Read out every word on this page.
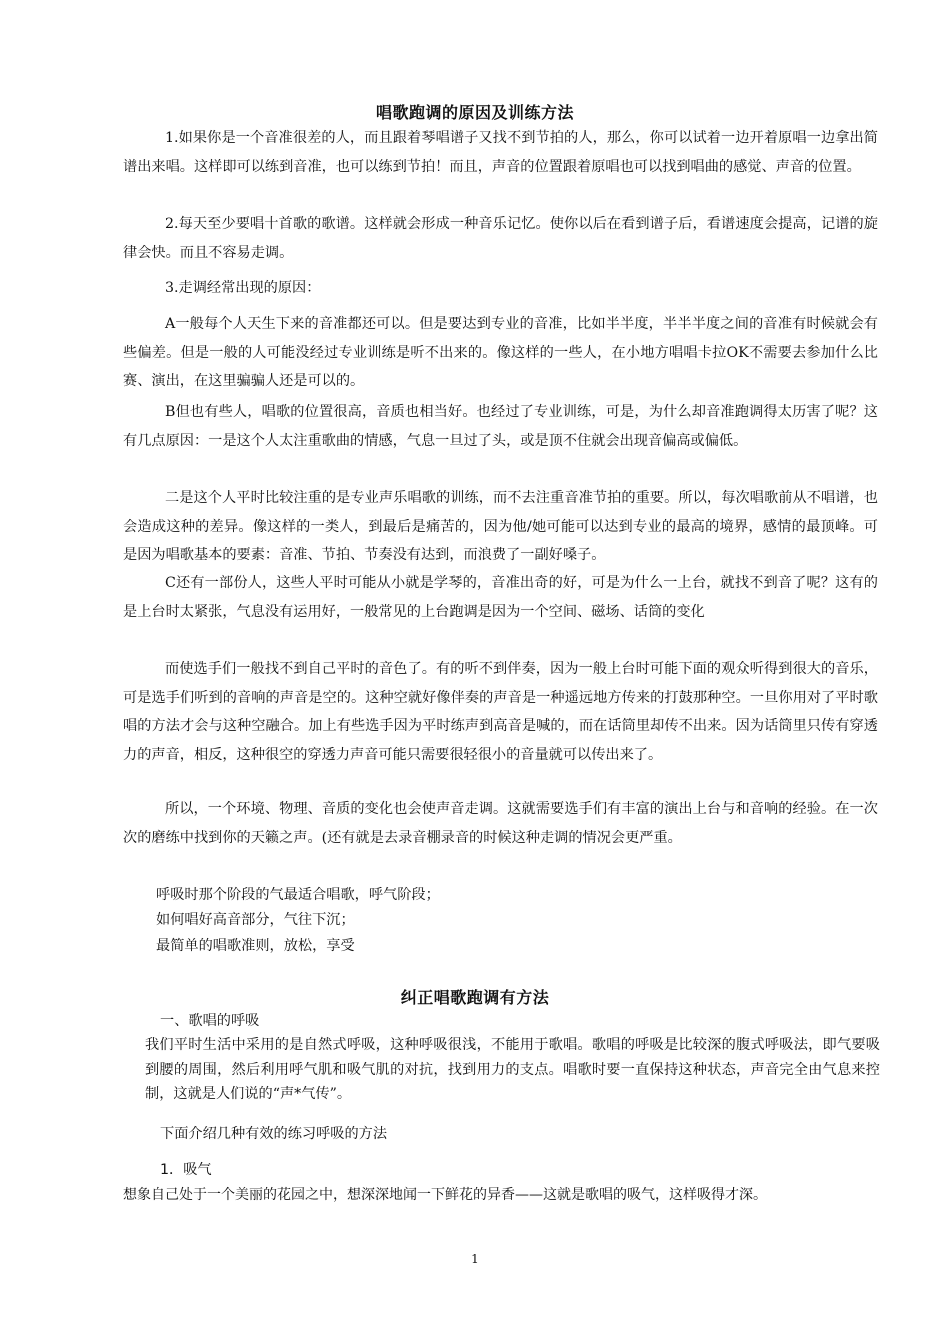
唱歌跑调的原因及训练方法
1.如果你是一个音准很差的人，而且跟着琴唱谱子又找不到节拍的人，那么，你可以试着一边开着原唱一边拿出简谱出来唱。这样即可以练到音准，也可以练到节拍！而且，声音的位置跟着原唱也可以找到唱曲的感觉、声音的位置。
2.每天至少要唱十首歌的歌谱。这样就会形成一种音乐记忆。使你以后在看到谱子后，看谱速度会提高，记谱的旋律会快。而且不容易走调。
3.走调经常出现的原因：
A一般每个人天生下来的音准都还可以。但是要达到专业的音准，比如半半度，半半半度之间的音准有时候就会有些偏差。但是一般的人可能没经过专业训练是听不出来的。像这样的一些人，在小地方唱唱卡拉OK不需要去参加什么比赛、演出，在这里骗骗人还是可以的。
B但也有些人，唱歌的位置很高，音质也相当好。也经过了专业训练，可是，为什么却音准跑调得太历害了呢？这有几点原因：一是这个人太注重歌曲的情感，气息一旦过了头，或是顶不住就会出现音偏高或偏低。
二是这个人平时比较注重的是专业声乐唱歌的训练，而不去注重音准节拍的重要。所以，每次唱歌前从不唱谱，也会造成这种的差异。像这样的一类人，到最后是痛苦的，因为他/她可能可以达到专业的最高的境界，感情的最顶峰。可是因为唱歌基本的要素：音准、节拍、节奏没有达到，而浪费了一副好嗓子。
C还有一部份人，这些人平时可能从小就是学琴的，音准出奇的好，可是为什么一上台，就找不到音了呢？这有的是上台时太紧张，气息没有运用好，一般常见的上台跑调是因为一个空间、磁场、话筒的变化
而使选手们一般找不到自己平时的音色了。有的听不到伴奏，因为一般上台时可能下面的观众听得到很大的音乐，可是选手们听到的音响的声音是空的。这种空就好像伴奏的声音是一种遥远地方传来的打鼓那种空。一旦你用对了平时歌唱的方法才会与这种空融合。加上有些选手因为平时练声到高音是喊的，而在话筒里却传不出来。因为话筒里只传有穿透力的声音，相反，这种很空的穿透力声音可能只需要很轻很小的音量就可以传出来了。
所以，一个环境、物理、音质的变化也会使声音走调。这就需要选手们有丰富的演出上台与和音响的经验。在一次次的磨练中找到你的天籁之声。(还有就是去录音棚录音的时候这种走调的情况会更严重。
呼吸时那个阶段的气最适合唱歌，呼气阶段；
如何唱好高音部分，气往下沉；
最简单的唱歌准则，放松，享受
纠正唱歌跑调有方法
一、歌唱的呼吸
我们平时生活中采用的是自然式呼吸，这种呼吸很浅，不能用于歌唱。歌唱的呼吸是比较深的腹式呼吸法，即气要吸到腰的周围，然后利用呼气肌和吸气肌的对抗，找到用力的支点。唱歌时要一直保持这种状态，声音完全由气息来控制，这就是人们说的“声*气传”。
下面介绍几种有效的练习呼吸的方法
1．吸气
想象自己处于一个美丽的花园之中，想深深地闻一下鲜花的异香——这就是歌唱的吸气，这样吸得才深。
1
